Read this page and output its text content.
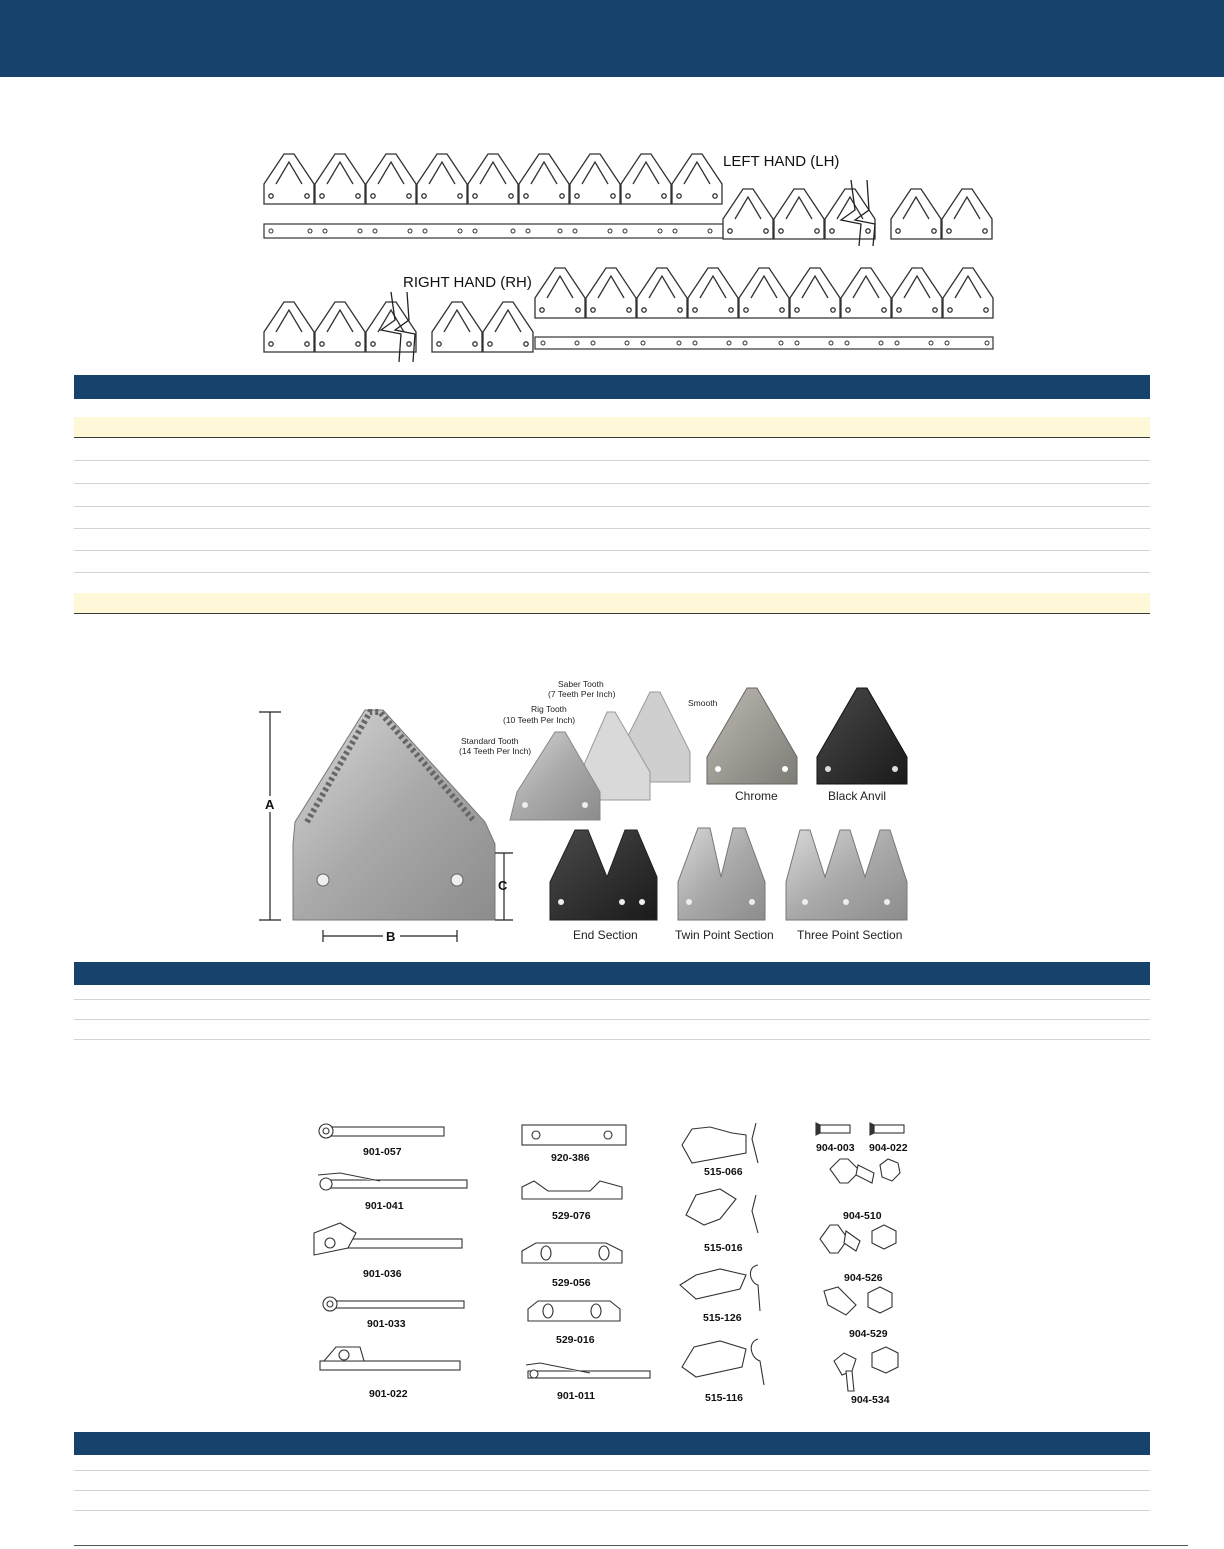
LEFT HAND (LH)
RIGHT HAND (RH)
A
C
B
Saber Tooth
(7 Teeth Per Inch)
Rig Tooth
(10 Teeth Per Inch)
Standard Tooth
(14 Teeth Per Inch)
Smooth
Chrome	Black Anvil
End Section	Twin Point Section Three Point Section
901-057
901-041
901-036
901-033
901-022
920-386
529-076
529-056
529-016
901-011
515-066
515-016
515-126
515-116
904-003 904-022
904-510
904-526
904-529
904-534
